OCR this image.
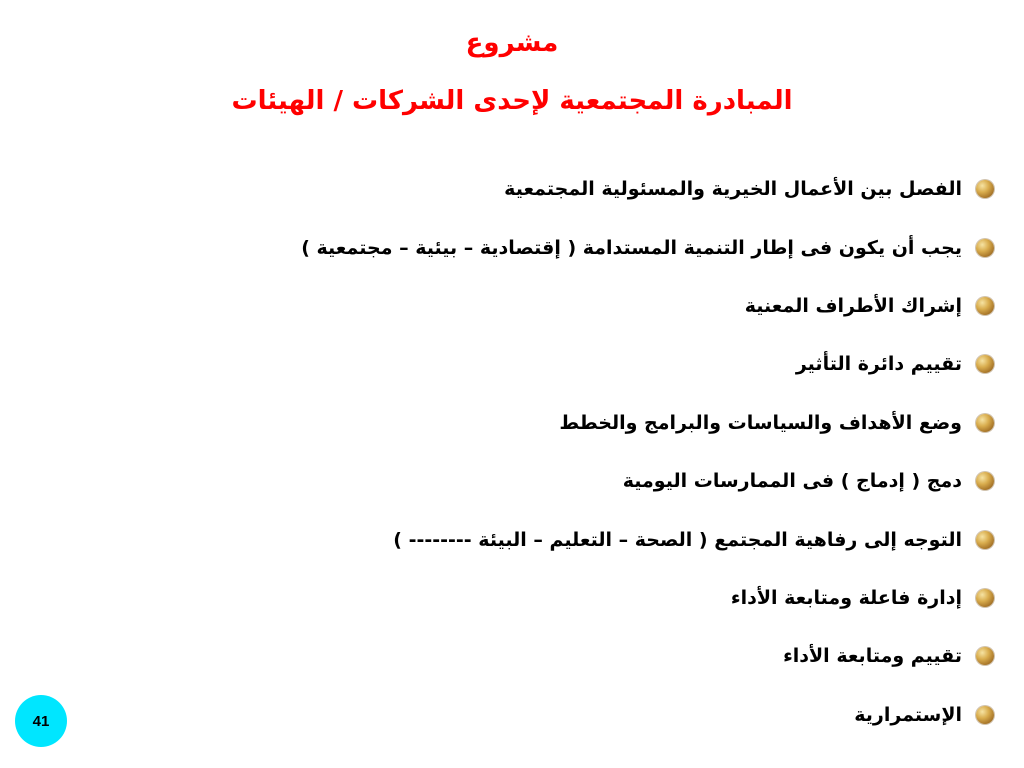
مشروع
المبادرة المجتمعية لإحدى الشركات / الهيئات
الفصل بين الأعمال الخيرية والمسئولية المجتمعية
يجب أن يكون فى إطار التنمية المستدامة ( إقتصادية – بيئية – مجتمعية )
إشراك الأطراف المعنية
تقييم دائرة التأثير
وضع الأهداف والسياسات والبرامج والخطط
دمج ( إدماج ) فى الممارسات اليومية
التوجه إلى رفاهية المجتمع ( الصحة – التعليم – البيئة -------- )
إدارة فاعلة ومتابعة الأداء
تقييم ومتابعة الأداء
الإستمرارية
41
